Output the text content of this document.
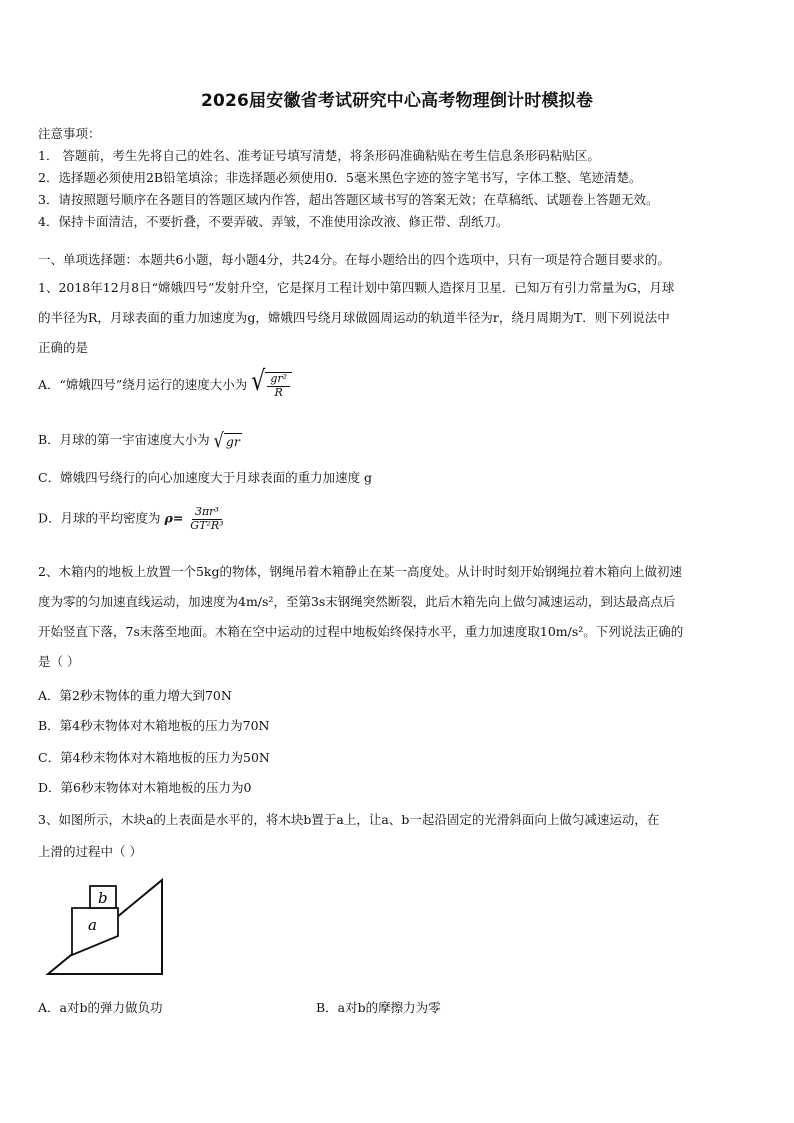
2026届安徽省考试研究中心高考物理倒计时模拟卷
注意事项：
1． 答题前，考生先将自己的姓名、准考证号填写清楚，将条形码准确粘贴在考生信息条形码粘贴区。
2．选择题必须使用2B铅笔填涂；非选择题必须使用0．5毫米黑色字迹的签字笔书写，字体工整、笔迹清楚。
3．请按照题号顺序在各题目的答题区域内作答，超出答题区域书写的答案无效；在草稿纸、试题卷上答题无效。
4．保持卡面清洁，不要折叠，不要弄破、弄皱，不准使用涂改液、修正带、刮纸刀。
一、单项选择题：本题共6小题，每小题4分，共24分。在每小题给出的四个选项中，只有一项是符合题目要求的。
1、2018年12月8日“嫦娥四号”发射升空，它是探月工程计划中第四颗人造探月卫星．已知万有引力常量为G，月球
的半径为R，月球表面的重力加速度为g，嫦娥四号绕月球做圆周运动的轨道半径为r，绕月周期为T．则下列说法中
正确的是
A．“嫦娥四号”绕月运行的速度大小为 √ $\frac{\text{gr²}}{R}$
B．月球的第一宇宙速度大小为 √ gr
C．嫦娥四号绕行的向心加速度大于月球表面的重力加速度 g
D．月球的平均密度为 $\rho= \frac{\text{3πr³}}{\text{GT²R³}}$
2、木箱内的地板上放置一个5kg的物体，钢绳吊着木箱静止在某一高度处。从计时时刻开始钢绳拉着木箱向上做初速
度为零的匀加速直线运动，加速度为4m/s²，至第3s末钢绳突然断裂，此后木箱先向上做匀减速运动，到达最高点后
开始竖直下落，7s末落至地面。木箱在空中运动的过程中地板始终保持水平，重力加速度取10m/s²。下列说法正确的
是（ ）
A．第2秒末物体的重力增大到70N
B．第4秒末物体对木箱地板的压力为70N
C．第4秒末物体对木箱地板的压力为50N
D．第6秒末物体对木箱地板的压力为0
3、如图所示，木块a的上表面是水平的，将木块b置于a上，让a、b一起沿固定的光滑斜面向上做匀减速运动，在
上滑的过程中（ ）
a
b
A．a对b的弹力做负功	B．a对b的摩擦力为零
